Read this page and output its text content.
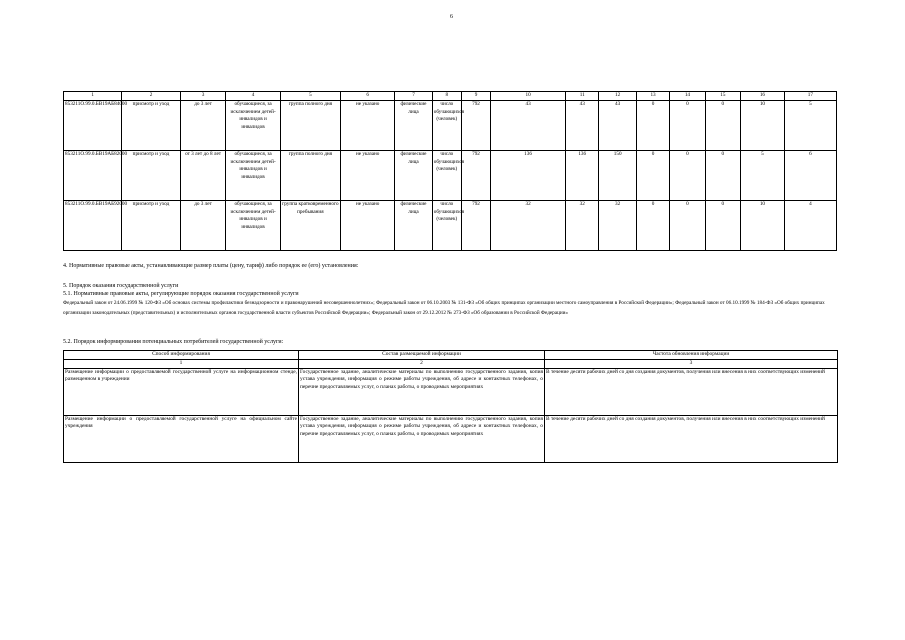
6
1	2	3	4	5	6	7	8	9	10	11	12	13	14	15	16	17
853211О.99.0.БВ19АБ84000	присмотр и уход	до 3 лет	обучающиеся, за исключением детей-инвалидов и инвалидов	группа полного дня	не указано	физические лица	число обучающихся (человек)	792	43	43	43	0	0	0	10	5
853211О.99.0.БВ19АБ82000	присмотр и уход	от 3 лет до 8 лет	обучающиеся, за исключением детей-инвалидов и инвалидов	группа полного дня	не указано	физические лица	число обучающихся (человек)	792	136	136	150	0	0	0	5	6
853211О.99.0.БВ19АБ92000	присмотр и уход	до 3 лет	обучающиеся, за исключением детей-инвалидов и инвалидов	группа кратковременного пребывания	не указано	физические лица	число обучающихся (человек)	792	32	32	32	0	0	0	10	4
4. Нормативные правовые акты, устанавливающие размер платы (цену, тариф) либо порядок ее (его) установления:
5. Порядок оказания государственной услуги
5.1. Нормативные правовые акты, регулирующие порядок оказания государственной услуги
Федеральный закон от 24.06.1999 № 120-ФЗ «Об основах системы профилактики безнадзорности и правонарушений несовершеннолетних»; Федеральный закон от 06.10.2003 № 131-ФЗ «Об общих принципах организации местного самоуправления в Российской Федерации»; Федеральный закон от 06.10.1999 № 184-ФЗ «Об общих принципах организации законодательных (представительных) и исполнительных органов государственной власти субъектов Российской Федерации»; Федеральный закон от 29.12.2012 № 273-ФЗ «Об образовании в Российской Федерации»
5.2. Порядок информирования потенциальных потребителей государственной услуги:
Способ информирования	Состав размещаемой информации	Частота обновления информации
1	2	3
Размещение информации о предоставляемой государственной услуге на информационном стенде, размещенном в учреждении	Государственное задание, аналитические материалы по выполнению государственного задания, копия устава учреждения, информация о режиме работы учреждения, об адресе и контактных телефонах, о перечне предоставляемых услуг, о планах работы, о проводимых мероприятиях	В течение десяти рабочих дней со дня создания документов, получения или внесения в них соответствующих изменений
Размещение информации о предоставляемой государственной услуге на официальном сайте учреждения	Государственное задание, аналитические материалы по выполнению государственного задания, копия устава учреждения, информация о режиме работы учреждения, об адресе и контактных телефонах, о перечне предоставляемых услуг, о планах работы, о проводимых мероприятиях	В течение десяти рабочих дней со дня создания документов, получения или внесения в них соответствующих изменений
